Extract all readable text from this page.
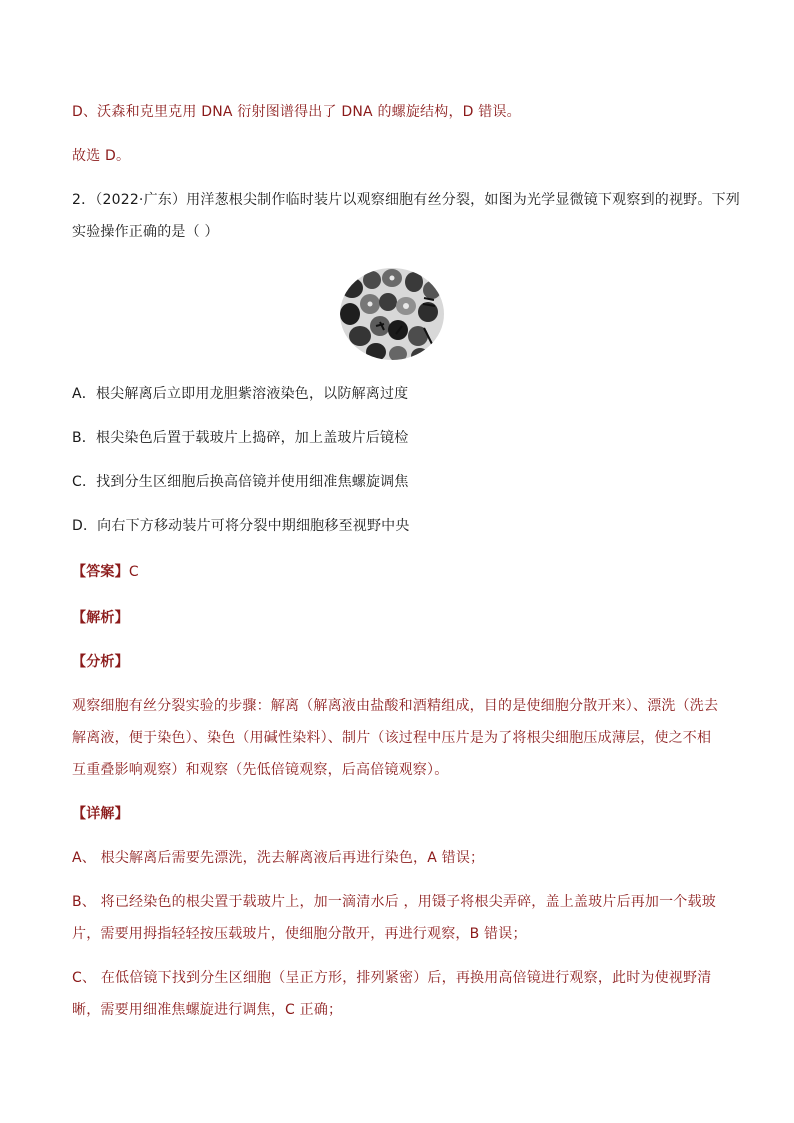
D、沃森和克里克用 DNA 衍射图谱得出了 DNA 的螺旋结构，D 错误。
故选 D。
2．（2022·广东）用洋葱根尖制作临时装片以观察细胞有丝分裂，如图为光学显微镜下观察到的视野。下列
实验操作正确的是（ ）
A．根尖解离后立即用龙胆紫溶液染色，以防解离过度
B．根尖染色后置于载玻片上捣碎，加上盖玻片后镜检
C．找到分生区细胞后换高倍镜并使用细准焦螺旋调焦
D．向右下方移动装片可将分裂中期细胞移至视野中央
【答案】C
【解析】
【分析】
观察细胞有丝分裂实验的步骤：解离（解离液由盐酸和酒精组成，目的是使细胞分散开来）、漂洗（洗去解离液，便于染色）、染色（用碱性染料）、制片（该过程中压片是为了将根尖细胞压成薄层，使之不相互重叠影响观察）和观察（先低倍镜观察，后高倍镜观察）。
【详解】
A、 根尖解离后需要先漂洗，洗去解离液后再进行染色，A 错误；
B、 将已经染色的根尖置于载玻片上，加一滴清水后 ，用镊子将根尖弄碎，盖上盖玻片后再加一个载玻片，需要用拇指轻轻按压载玻片，使细胞分散开，再进行观察，B 错误；
C、 在低倍镜下找到分生区细胞（呈正方形，排列紧密）后，再换用高倍镜进行观察，此时为使视野清晰，需要用细准焦螺旋进行调焦，C 正确；
